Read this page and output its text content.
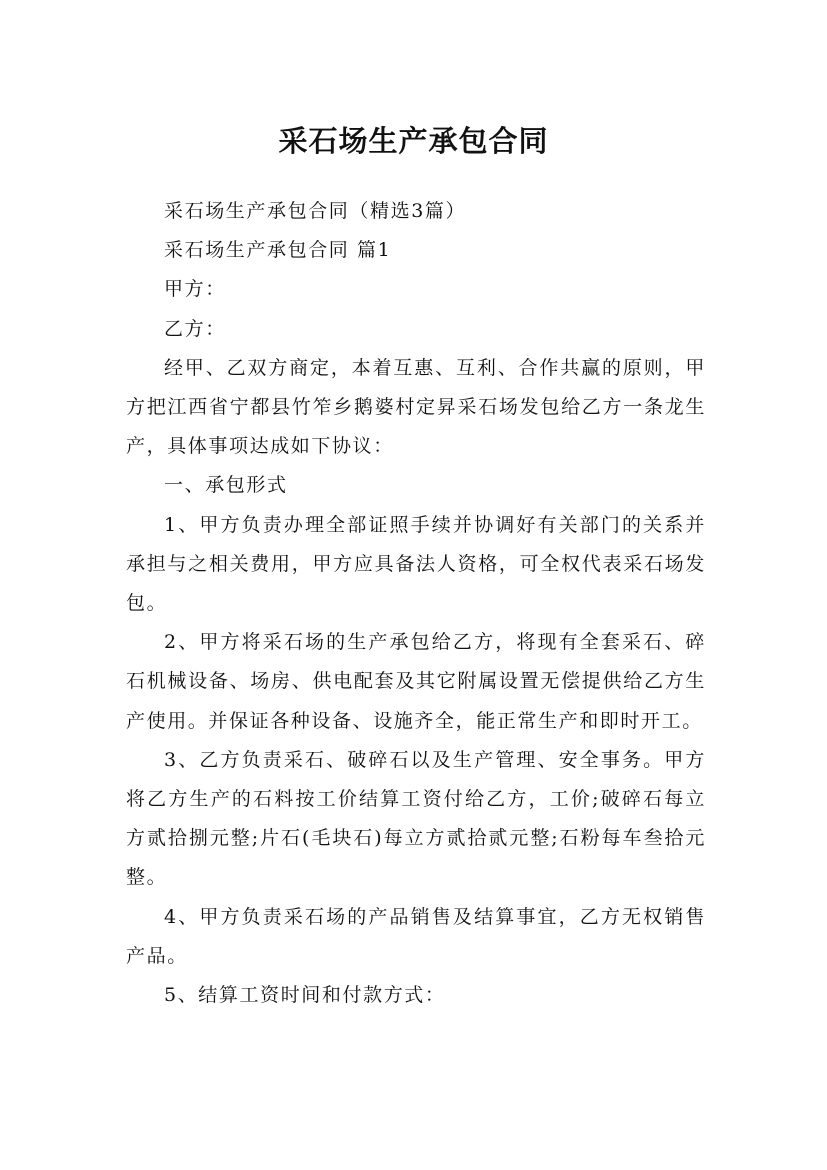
采石场生产承包合同

采石场生产承包合同（精选3篇）

采石场生产承包合同 篇1

甲方：

乙方：

经甲、乙双方商定，本着互惠、互利、合作共赢的原则，甲方把江西省宁都县竹笮乡鹅婆村定昇采石场发包给乙方一条龙生产，具体事项达成如下协议：

一、承包形式

1、甲方负责办理全部证照手续并协调好有关部门的关系并承担与之相关费用，甲方应具备法人资格，可全权代表采石场发包。

2、甲方将采石场的生产承包给乙方，将现有全套采石、碎石机械设备、场房、供电配套及其它附属设置无偿提供给乙方生产使用。并保证各种设备、设施齐全，能正常生产和即时开工。

3、乙方负责采石、破碎石以及生产管理、安全事务。甲方将乙方生产的石料按工价结算工资付给乙方，工价;破碎石每立方贰拾捌元整;片石(毛块石)每立方贰拾贰元整;石粉每车叁拾元整。

4、甲方负责采石场的产品销售及结算事宜，乙方无权销售产品。

5、结算工资时间和付款方式：
